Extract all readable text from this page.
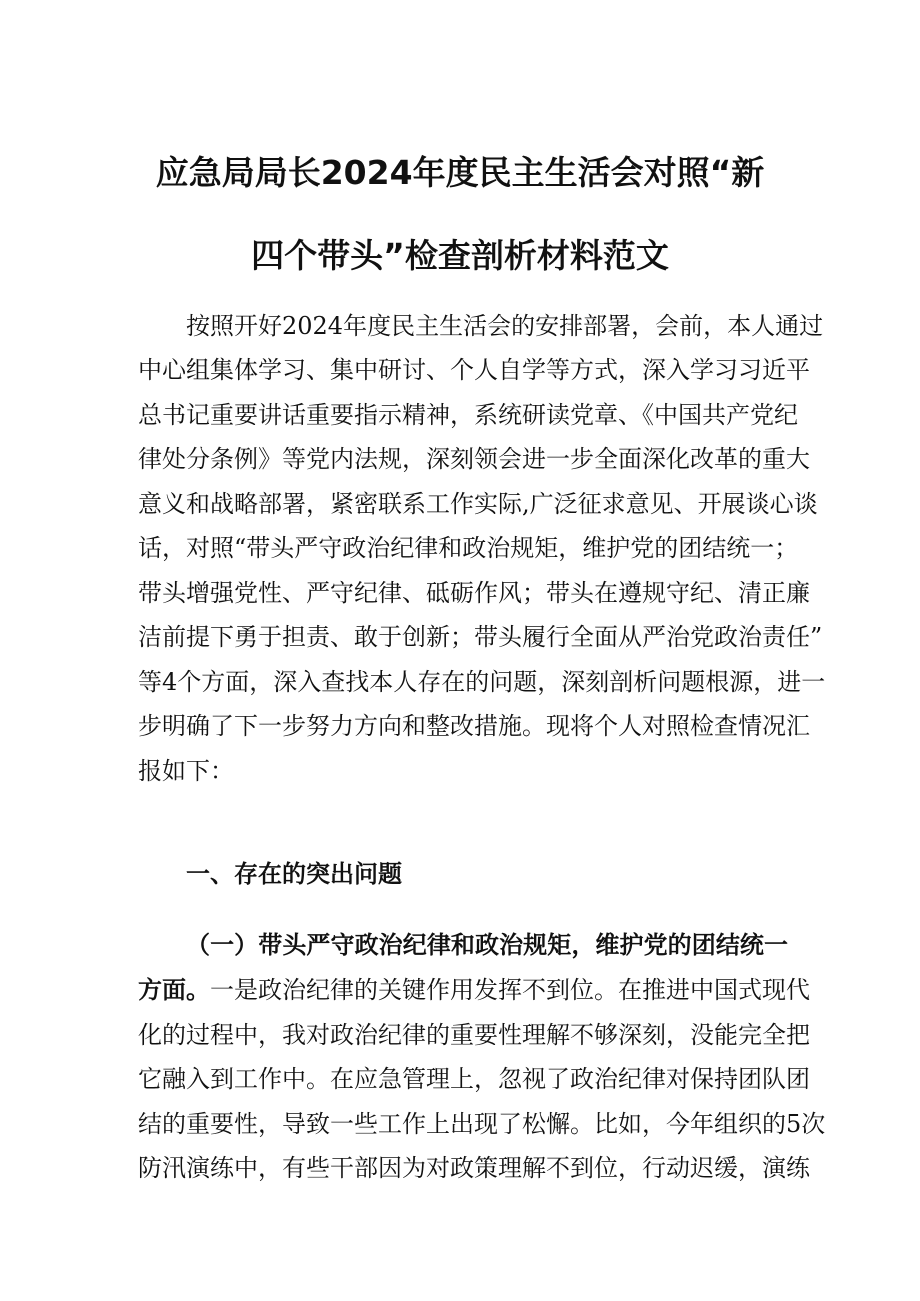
应急局局长2024年度民主生活会对照“新
四个带头”检查剖析材料范文
按照开好2024年度民主生活会的安排部署，会前，本人通过
中心组集体学习、集中研讨、个人自学等方式，深入学习习近平
总书记重要讲话重要指示精神，系统研读党章、《中国共产党纪
律处分条例》等党内法规，深刻领会进一步全面深化改革的重大
意义和战略部署，紧密联系工作实际,广泛征求意见、开展谈心谈
话，对照“带头严守政治纪律和政治规矩，维护党的团结统一；
带头增强党性、严守纪律、砥砺作风；带头在遵规守纪、清正廉
洁前提下勇于担责、敢于创新；带头履行全面从严治党政治责任”
等4个方面，深入查找本人存在的问题，深刻剖析问题根源，进一
步明确了下一步努力方向和整改措施。现将个人对照检查情况汇
报如下：
一、存在的突出问题
（一）带头严守政治纪律和政治规矩，维护党的团结统一
方面。一是政治纪律的关键作用发挥不到位。在推进中国式现代
化的过程中，我对政治纪律的重要性理解不够深刻，没能完全把
它融入到工作中。在应急管理上，忽视了政治纪律对保持团队团
结的重要性，导致一些工作上出现了松懈。比如，今年组织的5次
防汛演练中，有些干部因为对政策理解不到位，行动迟缓，演练
